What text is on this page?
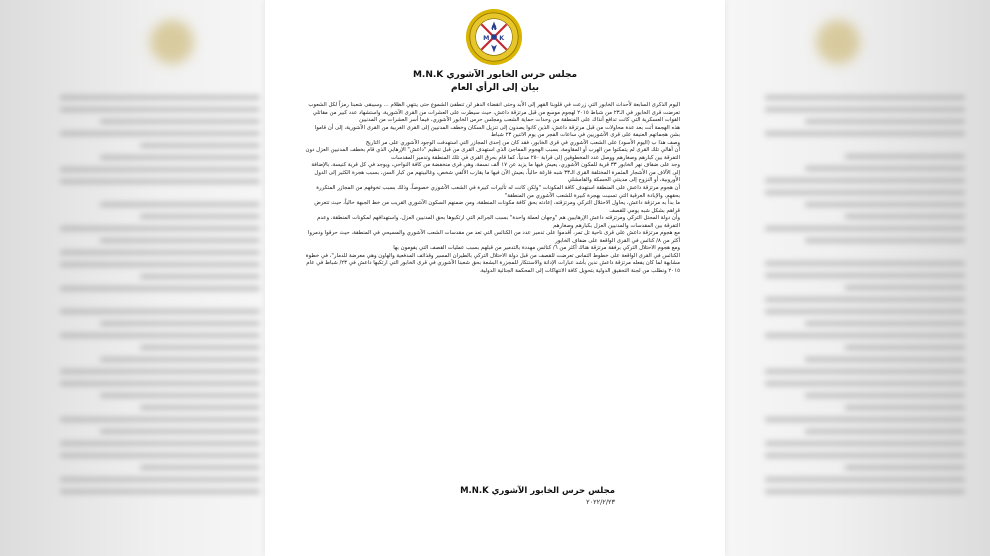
N
M K
مجلس حرس الخابور الآشوري M.N.K
بيان إلى الرأي العام
اليوم الذكرى السابعة لأحداث الخابور التي زرعت في قلوبنا القهر إلى الأبد وحتى انقضاء الدهر لن تنطفئ الشموع حتى ينتهي الظلام ... وسيبقى شعبنا رمزاً لكل الشعوب
تعرضت قرى الخابور في الـ٢٣ من شباط ٢٠١٥ لهجوم موسع من قبل مرتزقة داعش، حيث سيطرت على العشرات من القرى الآشورية، واستشهاد عدد كبير من مقاتلي القوات العسكرية التي كانت تدافع آنذاك على المنطقة من وحدات حماية الشعب ومجلس حرس الخابور الآشوري، فيما أسر العشرات من المدنيين
هذه الهجمة أتت بعد عدة محاولات من قبل مرتزقة داعش، الذين كانوا يصدون إلى تنزيل السكان وخطف المدنيين إلى القرى الغربية من القرى الآشورية، إلى أن قاموا بشن هجماتهم العنيفة على قرى الآشوريين في ساعات الفجر من يوم الاثنين ٢٣ شباط
وصف هذا ب (اليوم الأسود) على الشعب الآشوري في قرى الخابور، فقد كان من إحدى المجازر التي استهدفت الوجود الآشوري على مر التاريخ
أن أهالي تلك القرى لم يتمكنوا من الهرب أو المقاومة، بسبب الهجوم المفاجئ الذي استهدف القرى من قبل تنظيم "داعش" الإرهابي الذي قام بخطف المدنيين العزل دون التفرقة بين كبارهم وصغارهم ووصل عدد المخطوفين إلى قرابة ٢٥٠ مدنياً، كما قام بحرق القرى في تلك المنطقة وتدمير المقدسات
وجد على ضفاف نهر الخابور ٣٣ قرية للمكون الآشوري، يعيش فيها ما يزيد عن ١٧ ألف نسمة، وهي قرى منخفضة من كافة النواحي، ويوجد في كل قرية كنيسة، بالإضافة إلى الآلاف من الأشجار المثمرة المختلفة القرى الـ٣٣ شبه فارغة حالياً، بعيش الآن فيها ما يقارب الألفي شخص، وغالبيتهم من كبار السن، بسبب هجرة الكثير إلى الدول الأوروبية، أو النزوح إلى مدينتي الحسكة والقامشلي
أن هجوم مرتزقة داعش على المنطقة استهدف كافة المكونات "ولكن كانت له تأثيرات كبيرة في الشعب الآشوري خصوصاً، وذلك بسبب تخوفهم من المجازر المتكررة بحقهم، والإبادة العرقية التي تسببت بهجرة كبيرة للشعب الآشوري من المنطقة"
ما بدأ به مرتزقة داعش، يحاول الاحتلال التركي ومرتزقته، إعادته بحق كافة مكونات المنطقة، ومن ضمنهم السكون الآشوري القريب من خط الجبهة حالياً، حيث تتعرض قراهم بشكل شبه يومي للقصف
وأن دولة المحتل التركي ومرتزقته داعش الإرهابيين هم "وجهان لعملة واحدة" بسبب الجرائم التي ارتكبوها بحق المدنيين العزل، واستهدافهم لمكونات المنطقة، وعدم التفرقة بين المقدسات والمدنيين العزل بكبارهم وصغارهم
مع هجوم مرتزقة داعش على قرى ناحية تل تمر، أقدموا على تدمير عدد من الكنائس التي تعد من مقدسات الشعب الآشوري والمسيحي في المنطقة، حيث حرقوا ودمروا أكثر من ٨/ كنائس في القرى الواقعة على ضفاف الخابور
ومع هجوم الاحتلال التركي برفقة مرتزقة هناك أكثر من ٦/ كنائس مهددة بالتدمير من قبلهم بسبب عمليات القصف التي يقومون بها
الكنائس في القرى الواقعة على خطوط التماس تعرضت للقصف من قبل دولة الاحتلال التركي بالطيران المسير وقذائف المدفعية والهاون وهي معرضة للدمار"، في خطوة مشابهة لما كان يفعله مرتزقة داعش ندين بأشد عبارات الإدانة والاستنكار للمجزرة البشعة بحق شعبنا الآشوري في قرى الخابور التي ارتكبها داعش في ٢٣/ شباط في عام ٢٠١٥ ونطلب من لجنة التحقيق الدولية بتحويل كافة الانتهاكات إلى المحكمة الجنائية الدولية.
مجلس حرس الخابور الآشوري M.N.K
٢٠٢٢/٢/٢٣
